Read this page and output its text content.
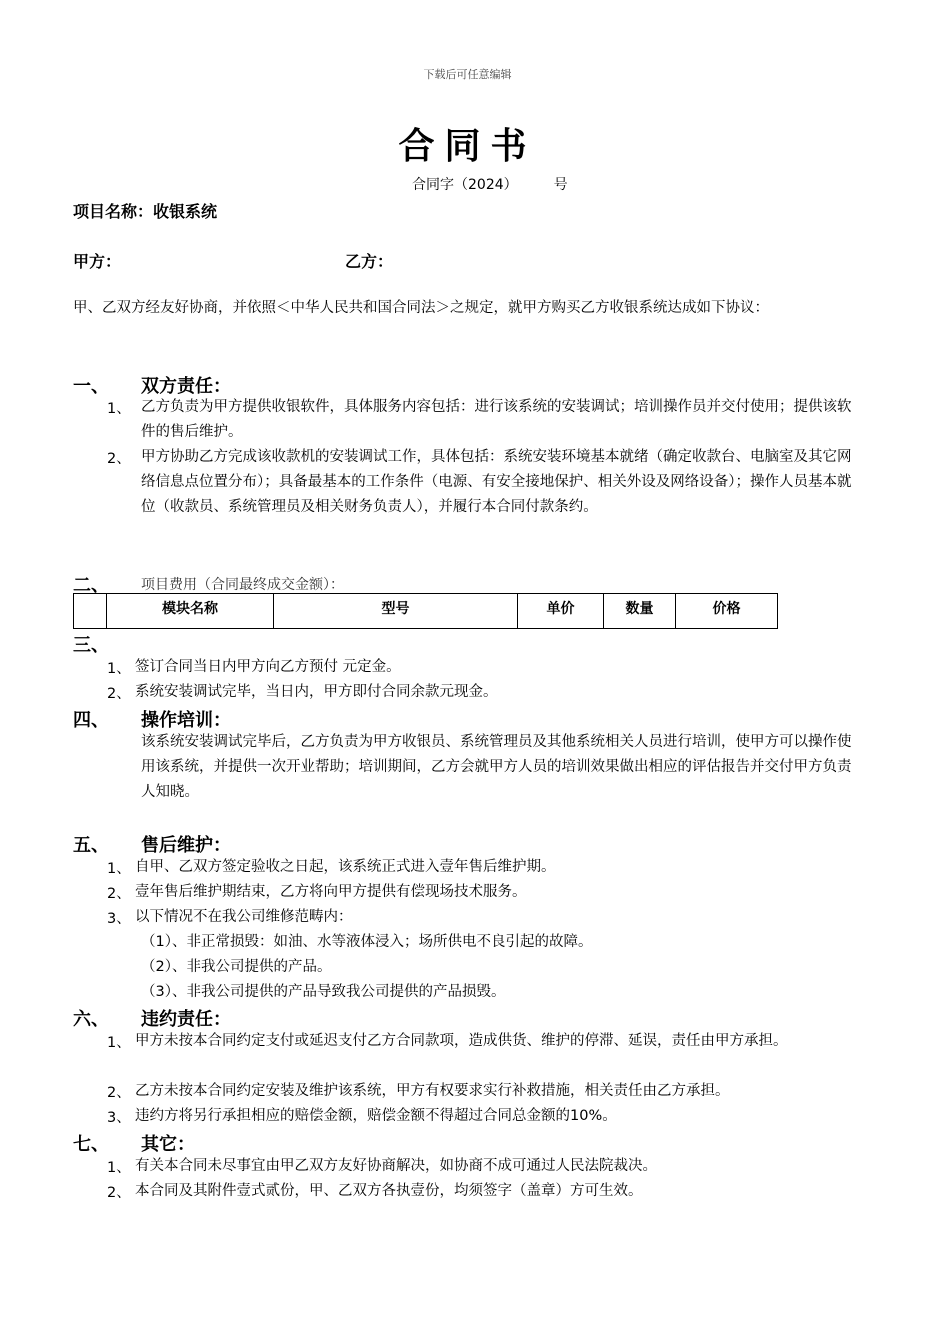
下载后可任意编辑
合同书
合同字（2024）	号
项目名称：收银系统
甲方：	乙方：
甲、乙双方经友好协商，并依照＜中华人民共和国合同法＞之规定，就甲方购买乙方收银系统达成如下协议：
一、 双方责任：
1、 乙方负责为甲方提供收银软件，具体服务内容包括：进行该系统的安装调试；培训操作员并交付使用；提供该软件的售后维护。
2、 甲方协助乙方完成该收款机的安装调试工作，具体包括：系统安装环境基本就绪（确定收款台、电脑室及其它网络信息点位置分布）；具备最基本的工作条件（电源、有安全接地保护、相关外设及网络设备）；操作人员基本就位（收款员、系统管理员及相关财务负责人），并履行本合同付款条约。
二、 项目费用（合同最终成交金额）：
	模块名称	型号	单价	数量	价格
三、
1、 签订合同当日内甲方向乙方预付 元定金。
2、 系统安装调试完毕，当日内，甲方即付合同余款元现金。
四、 操作培训：
该系统安装调试完毕后，乙方负责为甲方收银员、系统管理员及其他系统相关人员进行培训，使甲方可以操作使用该系统，并提供一次开业帮助；培训期间，乙方会就甲方人员的培训效果做出相应的评估报告并交付甲方负责人知晓。
五、 售后维护：
1、 自甲、乙双方签定验收之日起，该系统正式进入壹年售后维护期。
2、 壹年售后维护期结束，乙方将向甲方提供有偿现场技术服务。
3、 以下情况不在我公司维修范畴内：
（1）、非正常损毁：如油、水等液体浸入；场所供电不良引起的故障。
（2）、非我公司提供的产品。
（3）、非我公司提供的产品导致我公司提供的产品损毁。
六、 违约责任：
1、 甲方未按本合同约定支付或延迟支付乙方合同款项，造成供货、维护的停滞、延误，责任由甲方承担。
2、 乙方未按本合同约定安装及维护该系统，甲方有权要求实行补救措施，相关责任由乙方承担。
3、 违约方将另行承担相应的赔偿金额，赔偿金额不得超过合同总金额的10%。
七、 其它：
1、 有关本合同未尽事宜由甲乙双方友好协商解决，如协商不成可通过人民法院裁决。
2、 本合同及其附件壹式贰份，甲、乙双方各执壹份，均须签字（盖章）方可生效。
